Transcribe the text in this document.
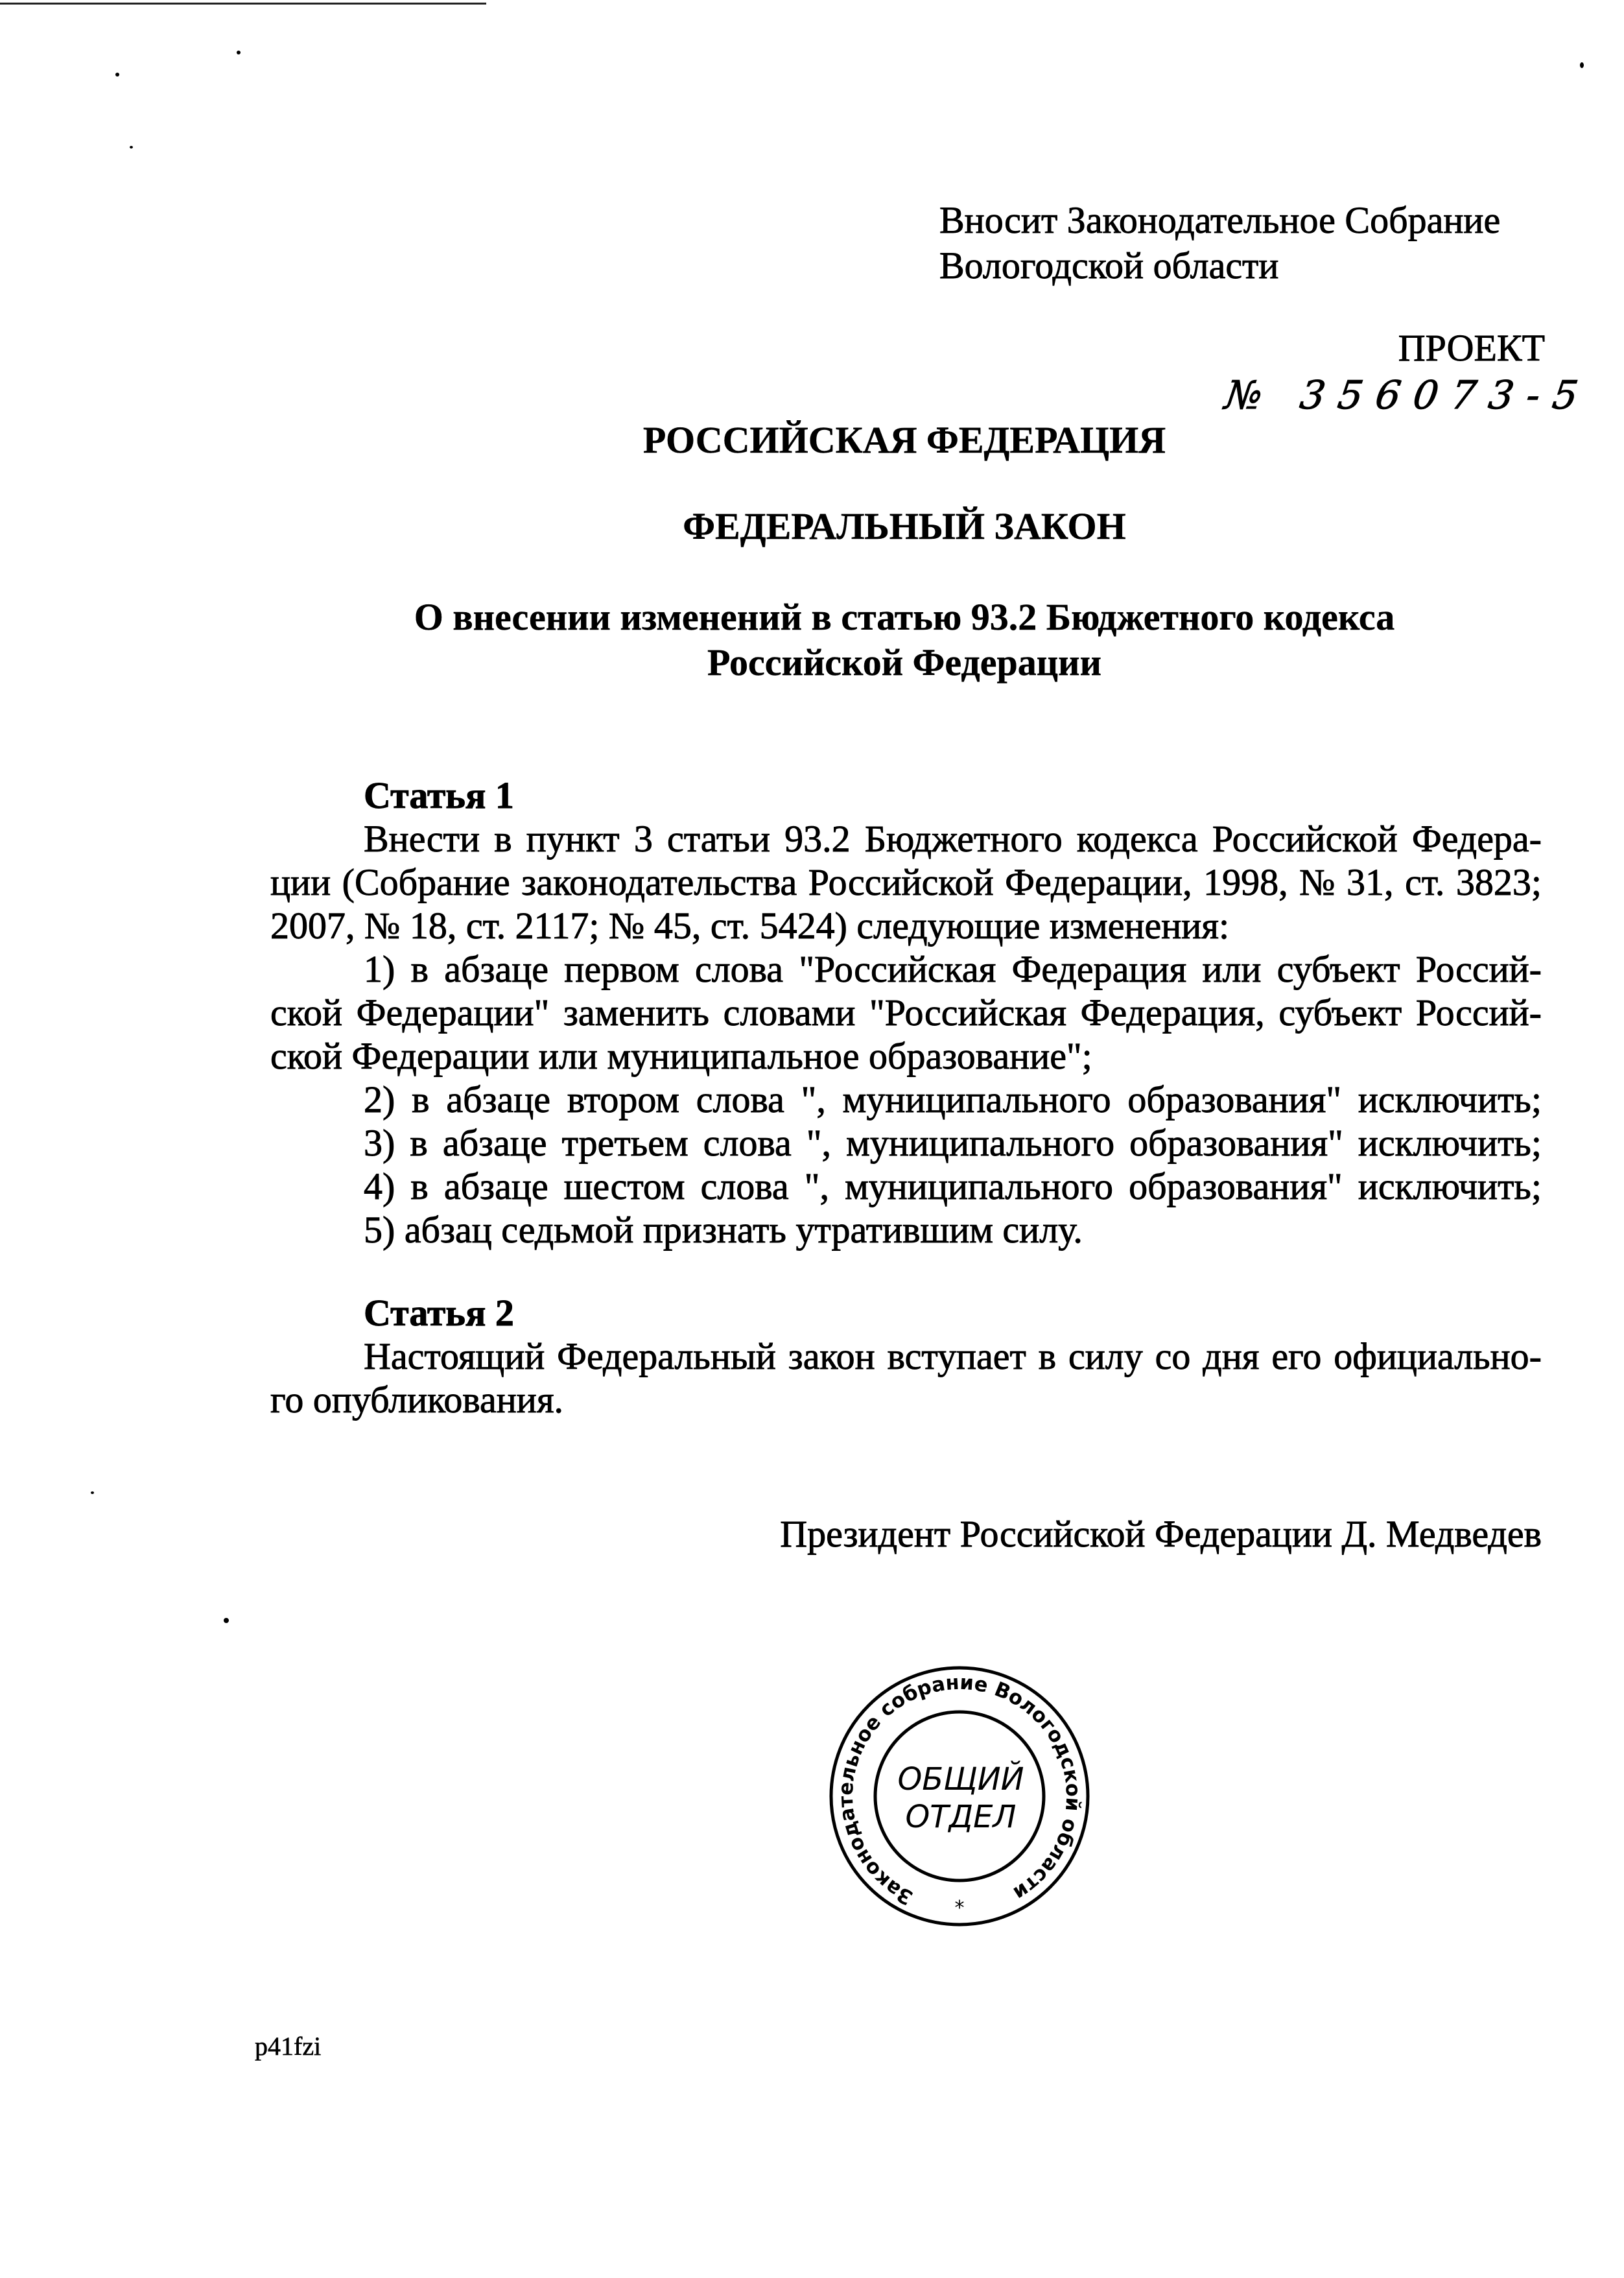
Вносит Законодательное Собрание
Вологодской области
ПРОЕКТ
№ 356073-5
РОССИЙСКАЯ ФЕДЕРАЦИЯ
ФЕДЕРАЛЬНЫЙ ЗАКОН
О внесении изменений в статью 93.2 Бюджетного кодекса
Российской Федерации
Статья 1
Внести в пункт 3 статьи 93.2 Бюджетного кодекса Российской Федера-
ции (Собрание законодательства Российской Федерации, 1998, № 31, ст. 3823;
2007, № 18, ст. 2117; № 45, ст. 5424) следующие изменения:
1) в абзаце первом слова "Российская Федерация или субъект Россий-
ской Федерации" заменить словами "Российская Федерация, субъект Россий-
ской Федерации или муниципальное образование";
2) в абзаце втором слова ", муниципального образования" исключить;
3) в абзаце третьем слова ", муниципального образования" исключить;
4) в абзаце шестом слова ", муниципального образования" исключить;
5) абзац седьмой признать утратившим силу.
Статья 2
Настоящий Федеральный закон вступает в силу со дня его официально-
го опубликования.
Президент Российской Федерации Д. Медведев
Законодательное собрание Вологодской области
*
ОБЩИЙ
ОТДЕЛ
p41fzi
